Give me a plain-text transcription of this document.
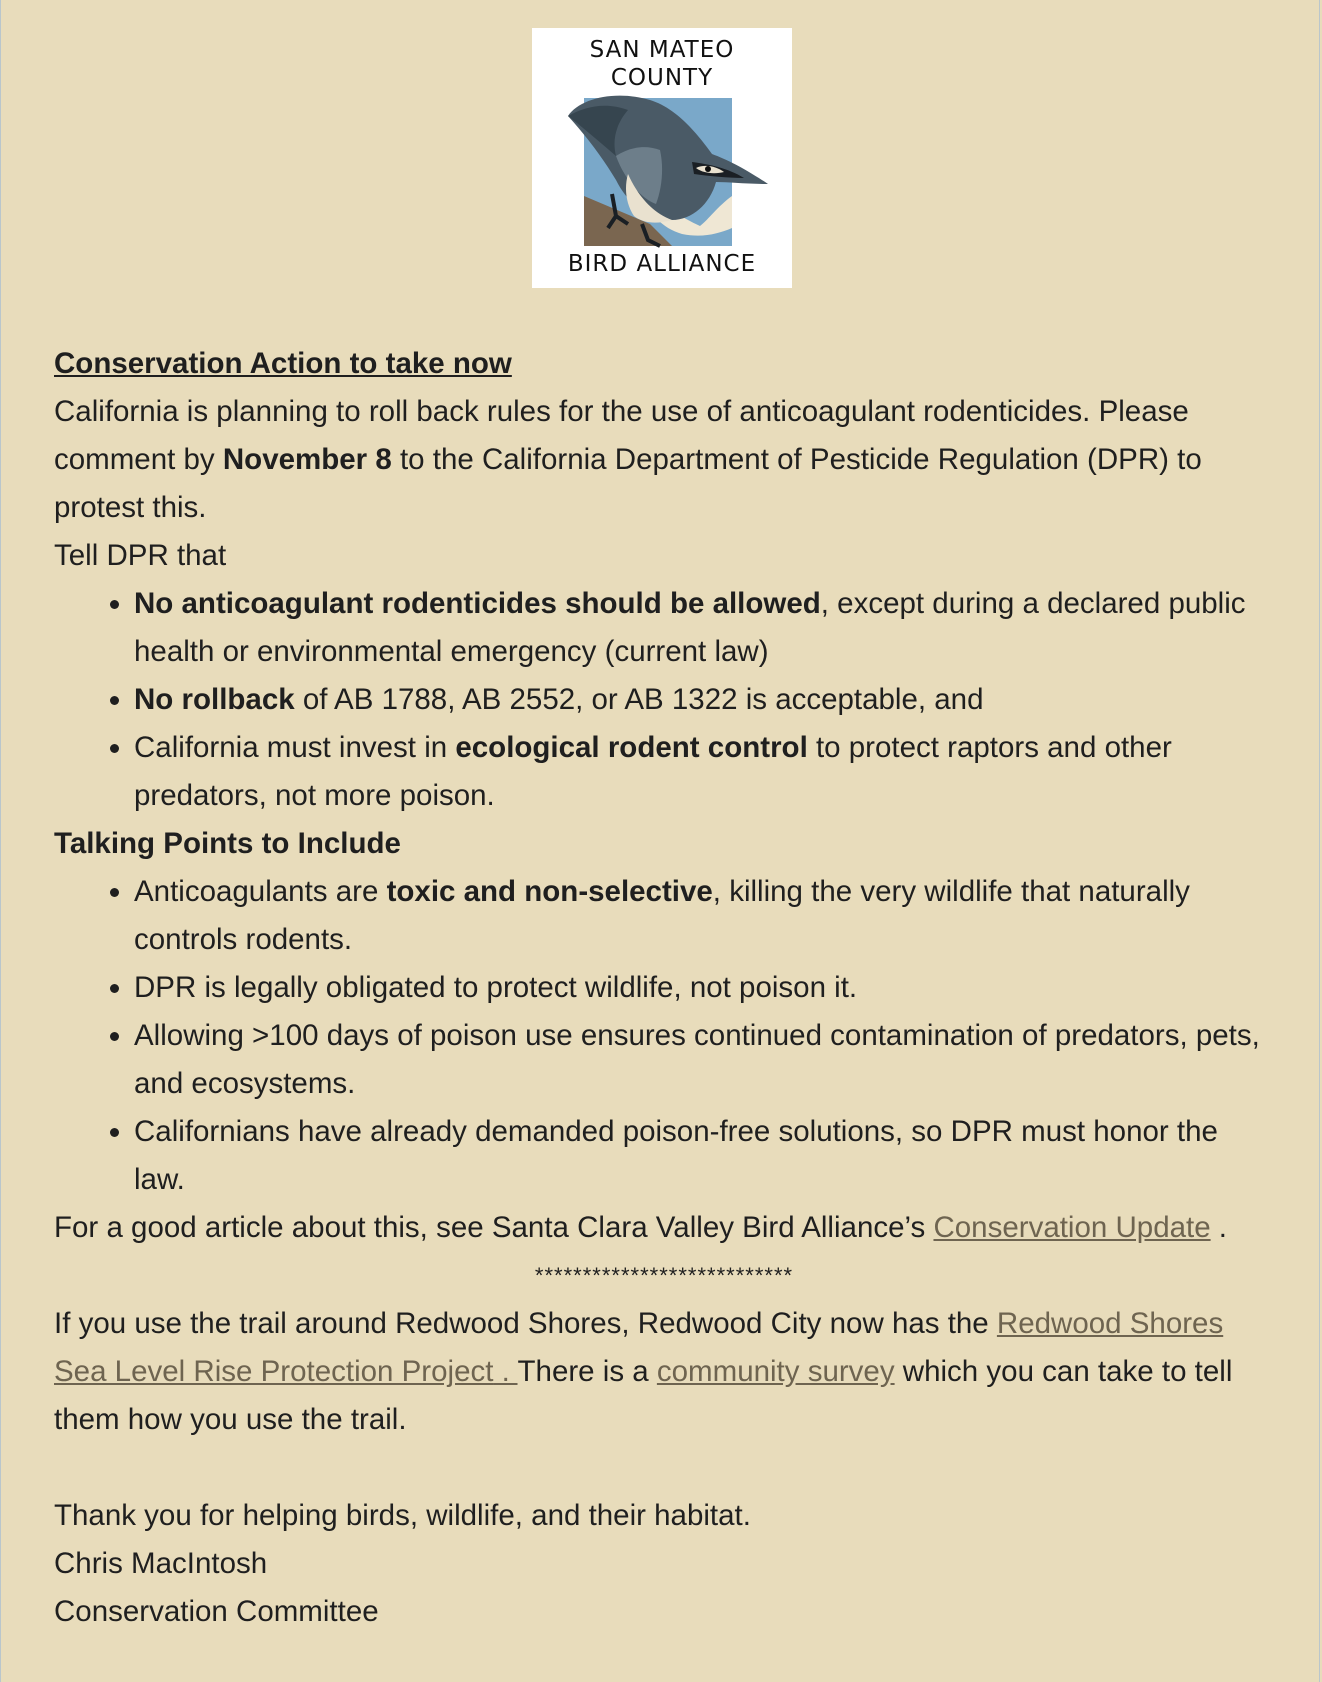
SAN MATEO
COUNTY
BIRD ALLIANCE

Conservation Action to take now

California is planning to roll back rules for the use of anticoagulant rodenticides. Please comment by November 8 to the California Department of Pesticide Regulation (DPR) to protest this.

Tell DPR that

• No anticoagulant rodenticides should be allowed, except during a declared public health or environmental emergency (current law)
• No rollback of AB 1788, AB 2552, or AB 1322 is acceptable, and
• California must invest in ecological rodent control to protect raptors and other predators, not more poison.

Talking Points to Include

• Anticoagulants are toxic and non-selective, killing the very wildlife that naturally controls rodents.
• DPR is legally obligated to protect wildlife, not poison it.
• Allowing >100 days of poison use ensures continued contamination of predators, pets, and ecosystems.
• Californians have already demanded poison-free solutions, so DPR must honor the law.

For a good article about this, see Santa Clara Valley Bird Alliance’s Conservation Update .

***************************

If you use the trail around Redwood Shores, Redwood City now has the Redwood Shores Sea Level Rise Protection Project . There is a community survey which you can take to tell them how you use the trail.

Thank you for helping birds, wildlife, and their habitat.

Chris MacIntosh

Conservation Committee
